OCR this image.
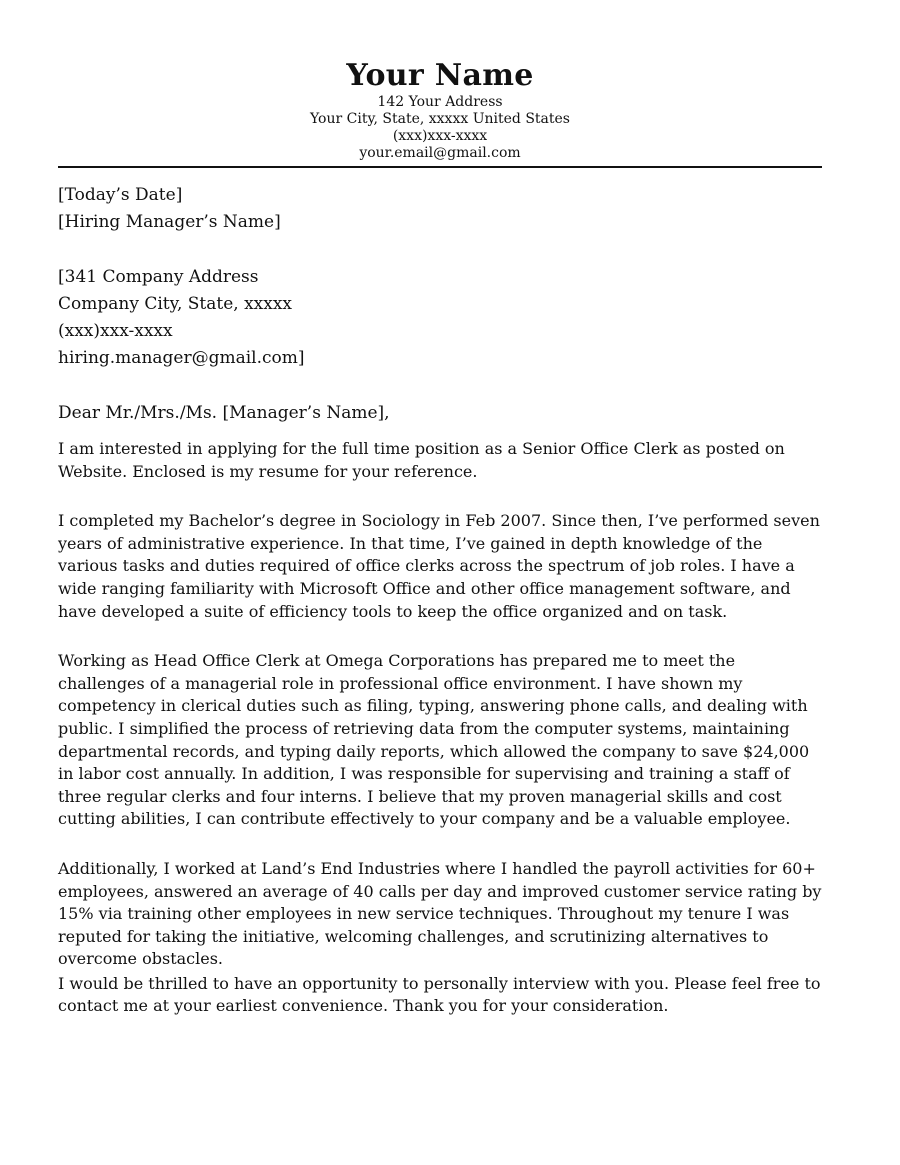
Your Name
142 Your Address
Your City, State, xxxxx United States
(xxx)xxx-xxxx
your.email@gmail.com
[Today’s Date]
[Hiring Manager’s Name]
[341 Company Address
Company City, State, xxxxx
(xxx)xxx-xxxx
hiring.manager@gmail.com]
Dear Mr./Mrs./Ms. [Manager’s Name],

I am interested in applying for the full time position as a Senior Office Clerk as posted on Website. Enclosed is my resume for your reference.

I completed my Bachelor’s degree in Sociology in Feb 2007. Since then, I’ve performed seven years of administrative experience. In that time, I’ve gained in depth knowledge of the various tasks and duties required of office clerks across the spectrum of job roles. I have a wide ranging familiarity with Microsoft Office and other office management software, and have developed a suite of efficiency tools to keep the office organized and on task.

Working as Head Office Clerk at Omega Corporations has prepared me to meet the challenges of a managerial role in professional office environment. I have shown my competency in clerical duties such as filing, typing, answering phone calls, and dealing with public. I simplified the process of retrieving data from the computer systems, maintaining departmental records, and typing daily reports, which allowed the company to save $24,000 in labor cost annually. In addition, I was responsible for supervising and training a staff of three regular clerks and four interns. I believe that my proven managerial skills and cost cutting abilities, I can contribute effectively to your company and be a valuable employee.

Additionally, I worked at Land’s End Industries where I handled the payroll activities for 60+ employees, answered an average of 40 calls per day and improved customer service rating by 15% via training other employees in new service techniques. Throughout my tenure I was reputed for taking the initiative, welcoming challenges, and scrutinizing alternatives to overcome obstacles.

I would be thrilled to have an opportunity to personally interview with you. Please feel free to contact me at your earliest convenience. Thank you for your consideration.
